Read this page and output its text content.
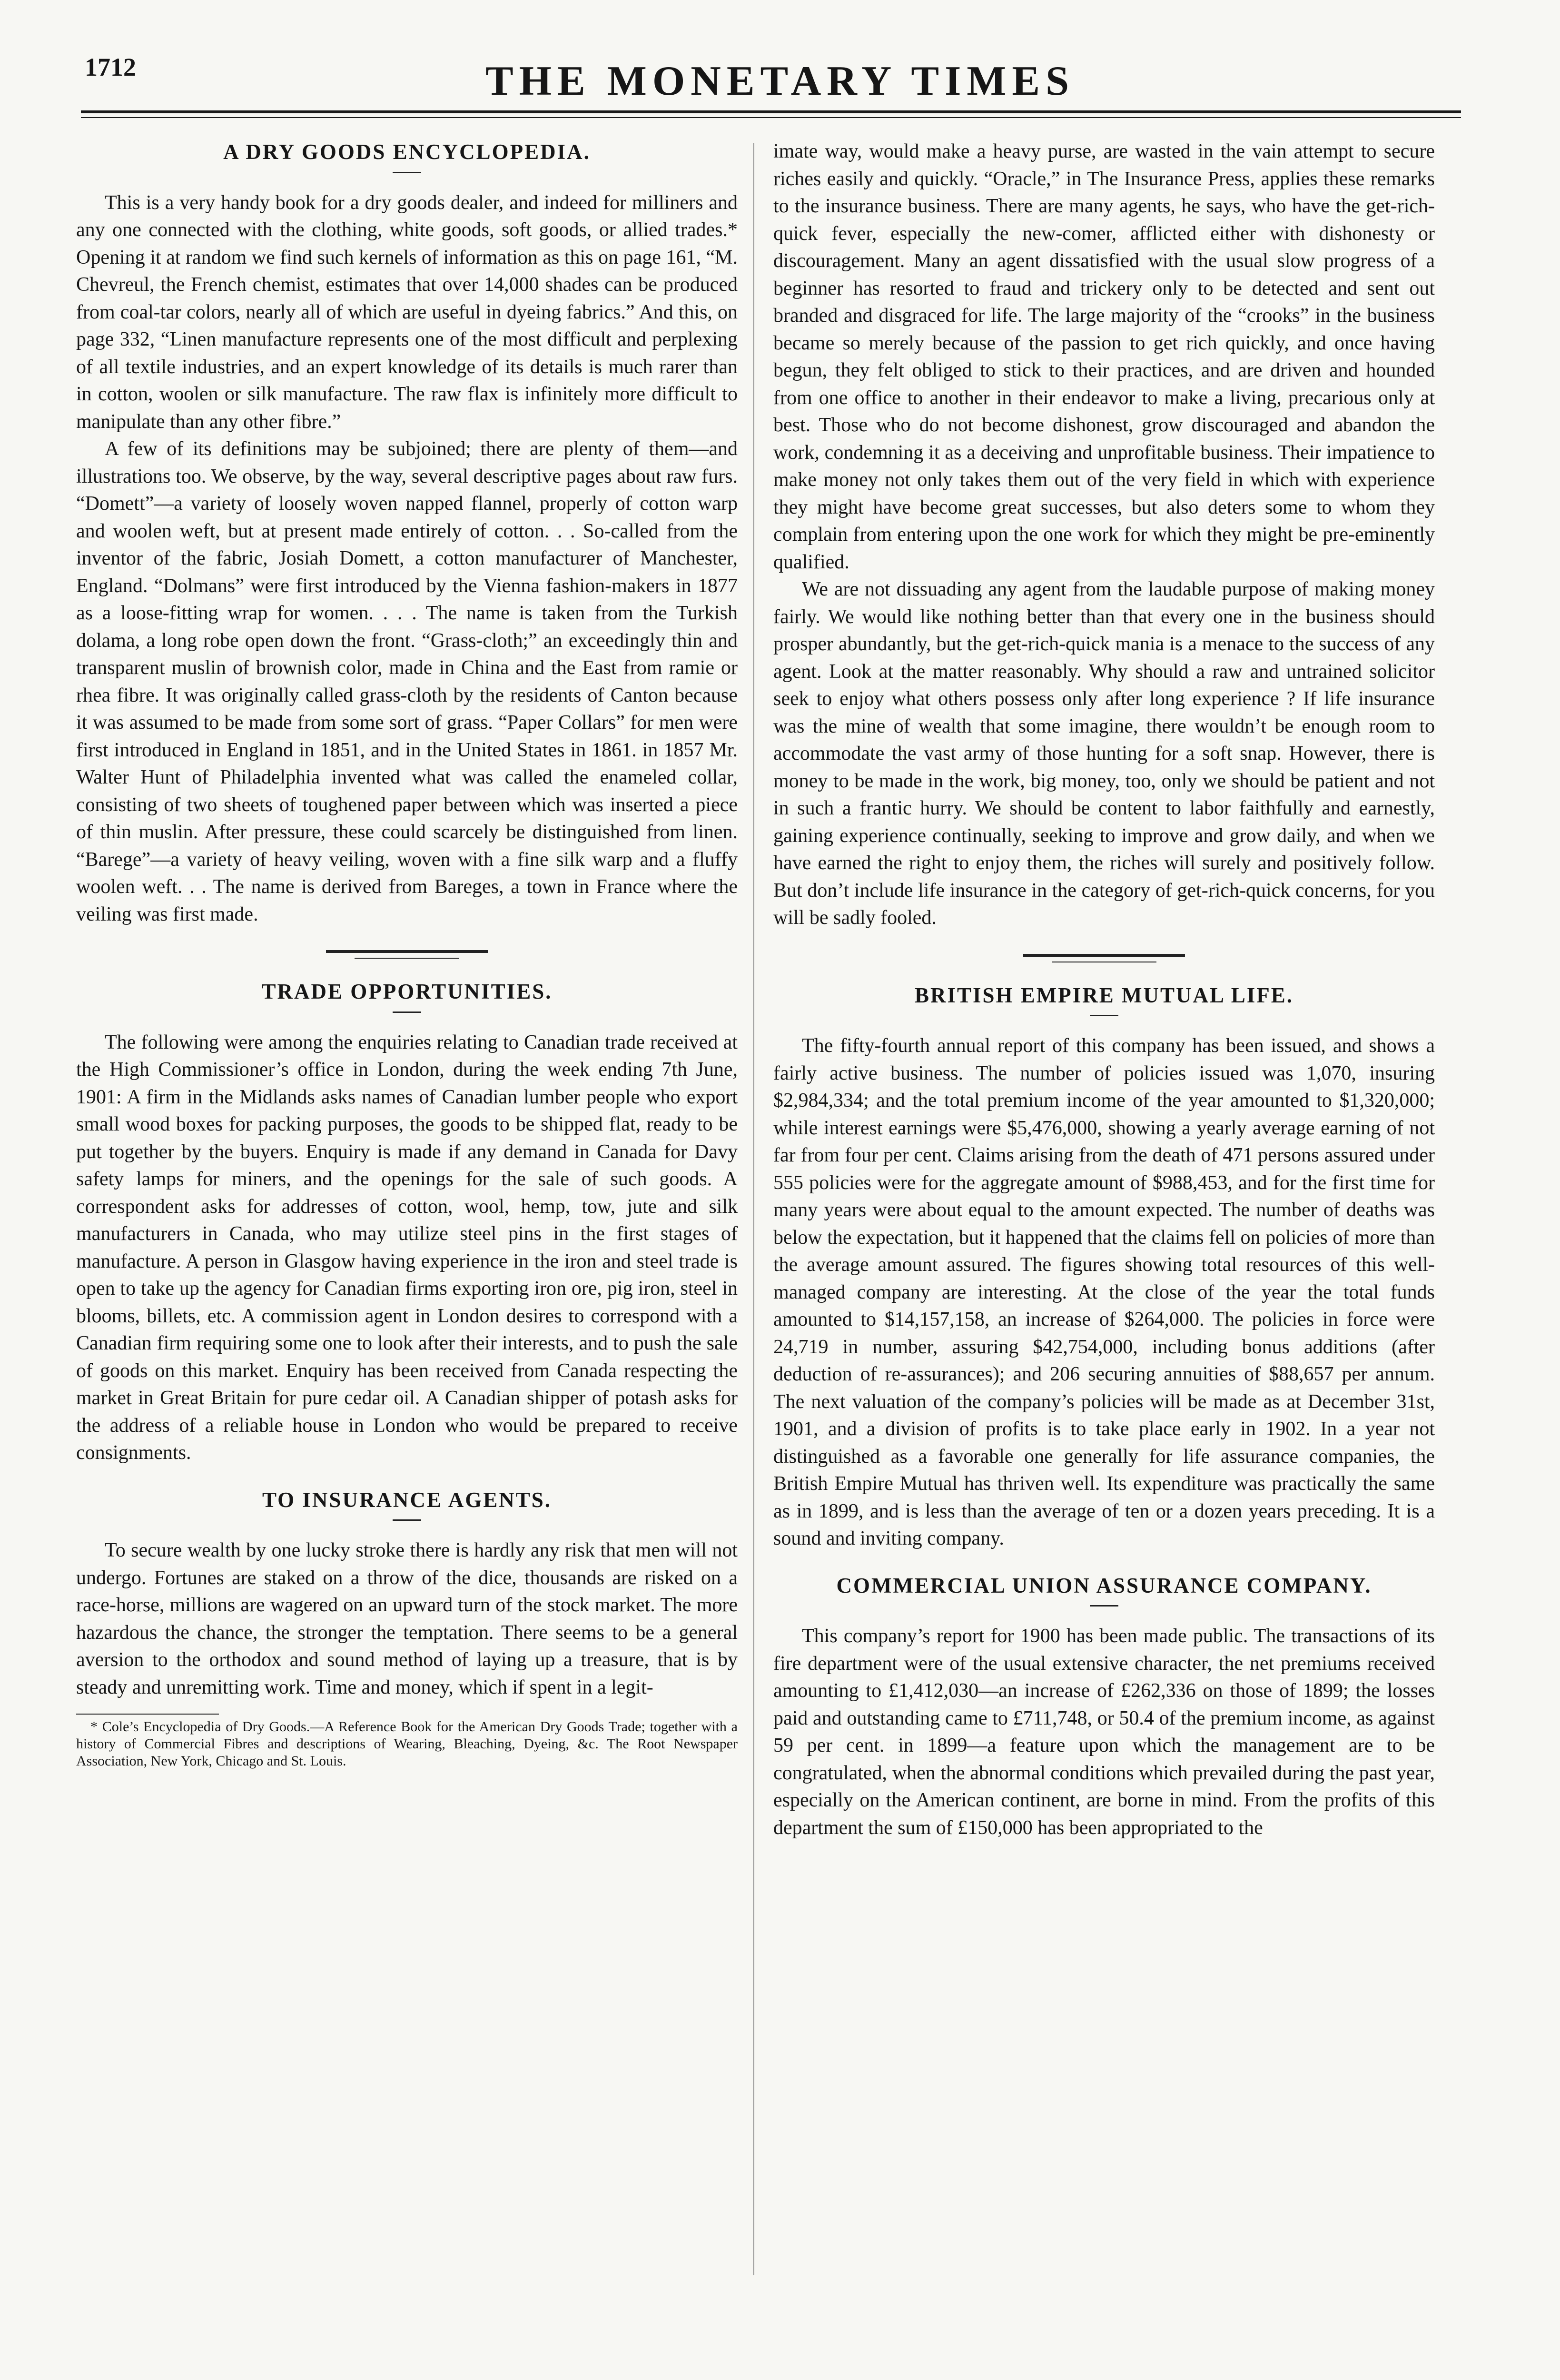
1712	THE MONETARY TIMES
A DRY GOODS ENCYCLOPEDIA.

This is a very handy book for a dry goods dealer, and indeed for milliners and any one connected with the clothing, white goods, soft goods, or allied trades.* Opening it at random we find such kernels of information as this on page 161, “M. Chevreul, the French chemist, estimates that over 14,000 shades can be produced from coal-tar colors, nearly all of which are useful in dyeing fabrics.” And this, on page 332, “Linen manufacture represents one of the most difficult and perplexing of all textile industries, and an expert knowledge of its details is much rarer than in cotton, woolen or silk manufacture. The raw flax is infinitely more difficult to manipulate than any other fibre.”

A few of its definitions may be subjoined; there are plenty of them—and illustrations too. We observe, by the way, several descriptive pages about raw furs. “Domett”—a variety of loosely woven napped flannel, properly of cotton warp and woolen weft, but at present made entirely of cotton. . . So-called from the inventor of the fabric, Josiah Domett, a cotton manufacturer of Manchester, England. “Dolmans” were first introduced by the Vienna fashion-makers in 1877 as a loose-fitting wrap for women. . . . The name is taken from the Turkish dolama, a long robe open down the front. “Grass-cloth;” an exceedingly thin and transparent muslin of brownish color, made in China and the East from ramie or rhea fibre. It was originally called grass-cloth by the residents of Canton because it was assumed to be made from some sort of grass. “Paper Collars” for men were first introduced in England in 1851, and in the United States in 1861. in 1857 Mr. Walter Hunt of Philadelphia invented what was called the enameled collar, consisting of two sheets of toughened paper between which was inserted a piece of thin muslin. After pressure, these could scarcely be distinguished from linen. “Barege”—a variety of heavy veiling, woven with a fine silk warp and a fluffy woolen weft. . . The name is derived from Bareges, a town in France where the veiling was first made.

TRADE OPPORTUNITIES.

The following were among the enquiries relating to Canadian trade received at the High Commissioner’s office in London, during the week ending 7th June, 1901: A firm in the Midlands asks names of Canadian lumber people who export small wood boxes for packing purposes, the goods to be shipped flat, ready to be put together by the buyers. Enquiry is made if any demand in Canada for Davy safety lamps for miners, and the openings for the sale of such goods. A correspondent asks for addresses of cotton, wool, hemp, tow, jute and silk manufacturers in Canada, who may utilize steel pins in the first stages of manufacture. A person in Glasgow having experience in the iron and steel trade is open to take up the agency for Canadian firms exporting iron ore, pig iron, steel in blooms, billets, etc. A commission agent in London desires to correspond with a Canadian firm requiring some one to look after their interests, and to push the sale of goods on this market. Enquiry has been received from Canada respecting the market in Great Britain for pure cedar oil. A Canadian shipper of potash asks for the address of a reliable house in London who would be prepared to receive consignments.

TO INSURANCE AGENTS.

To secure wealth by one lucky stroke there is hardly any risk that men will not undergo. Fortunes are staked on a throw of the dice, thousands are risked on a race-horse, millions are wagered on an upward turn of the stock market. The more hazardous the chance, the stronger the temptation. There seems to be a general aversion to the orthodox and sound method of laying up a treasure, that is by steady and unremitting work. Time and money, which if spent in a legit-

* Cole’s Encyclopedia of Dry Goods.—A Reference Book for the American Dry Goods Trade; together with a history of Commercial Fibres and descriptions of Wearing, Bleaching, Dyeing, &c. The Root Newspaper Association, New York, Chicago and St. Louis.

imate way, would make a heavy purse, are wasted in the vain attempt to secure riches easily and quickly. “Oracle,” in The Insurance Press, applies these remarks to the insurance business. There are many agents, he says, who have the get-rich-quick fever, especially the new-comer, afflicted either with dishonesty or discouragement. Many an agent dissatisfied with the usual slow progress of a beginner has resorted to fraud and trickery only to be detected and sent out branded and disgraced for life. The large majority of the “crooks” in the business became so merely because of the passion to get rich quickly, and once having begun, they felt obliged to stick to their practices, and are driven and hounded from one office to another in their endeavor to make a living, precarious only at best. Those who do not become dishonest, grow discouraged and abandon the work, condemning it as a deceiving and unprofitable business. Their impatience to make money not only takes them out of the very field in which with experience they might have become great successes, but also deters some to whom they complain from entering upon the one work for which they might be pre-eminently qualified.

We are not dissuading any agent from the laudable purpose of making money fairly. We would like nothing better than that every one in the business should prosper abundantly, but the get-rich-quick mania is a menace to the success of any agent. Look at the matter reasonably. Why should a raw and untrained solicitor seek to enjoy what others possess only after long experience ? If life insurance was the mine of wealth that some imagine, there wouldn’t be enough room to accommodate the vast army of those hunting for a soft snap. However, there is money to be made in the work, big money, too, only we should be patient and not in such a frantic hurry. We should be content to labor faithfully and earnestly, gaining experience continually, seeking to improve and grow daily, and when we have earned the right to enjoy them, the riches will surely and positively follow. But don’t include life insurance in the category of get-rich-quick concerns, for you will be sadly fooled.

BRITISH EMPIRE MUTUAL LIFE.

The fifty-fourth annual report of this company has been issued, and shows a fairly active business. The number of policies issued was 1,070, insuring $2,984,334; and the total premium income of the year amounted to $1,320,000; while interest earnings were $5,476,000, showing a yearly average earning of not far from four per cent. Claims arising from the death of 471 persons assured under 555 policies were for the aggregate amount of $988,453, and for the first time for many years were about equal to the amount expected. The number of deaths was below the expectation, but it happened that the claims fell on policies of more than the average amount assured. The figures showing total resources of this well-managed company are interesting. At the close of the year the total funds amounted to $14,157,158, an increase of $264,000. The policies in force were 24,719 in number, assuring $42,754,000, including bonus additions (after deduction of re-assurances); and 206 securing annuities of $88,657 per annum. The next valuation of the company’s policies will be made as at December 31st, 1901, and a division of profits is to take place early in 1902. In a year not distinguished as a favorable one generally for life assurance companies, the British Empire Mutual has thriven well. Its expenditure was practically the same as in 1899, and is less than the average of ten or a dozen years preceding. It is a sound and inviting company.

COMMERCIAL UNION ASSURANCE COMPANY.

This company’s report for 1900 has been made public. The transactions of its fire department were of the usual extensive character, the net premiums received amounting to £1,412,030—an increase of £262,336 on those of 1899; the losses paid and outstanding came to £711,748, or 50.4 of the premium income, as against 59 per cent. in 1899—a feature upon which the management are to be congratulated, when the abnormal conditions which prevailed during the past year, especially on the American continent, are borne in mind. From the profits of this department the sum of £150,000 has been appropriated to the
